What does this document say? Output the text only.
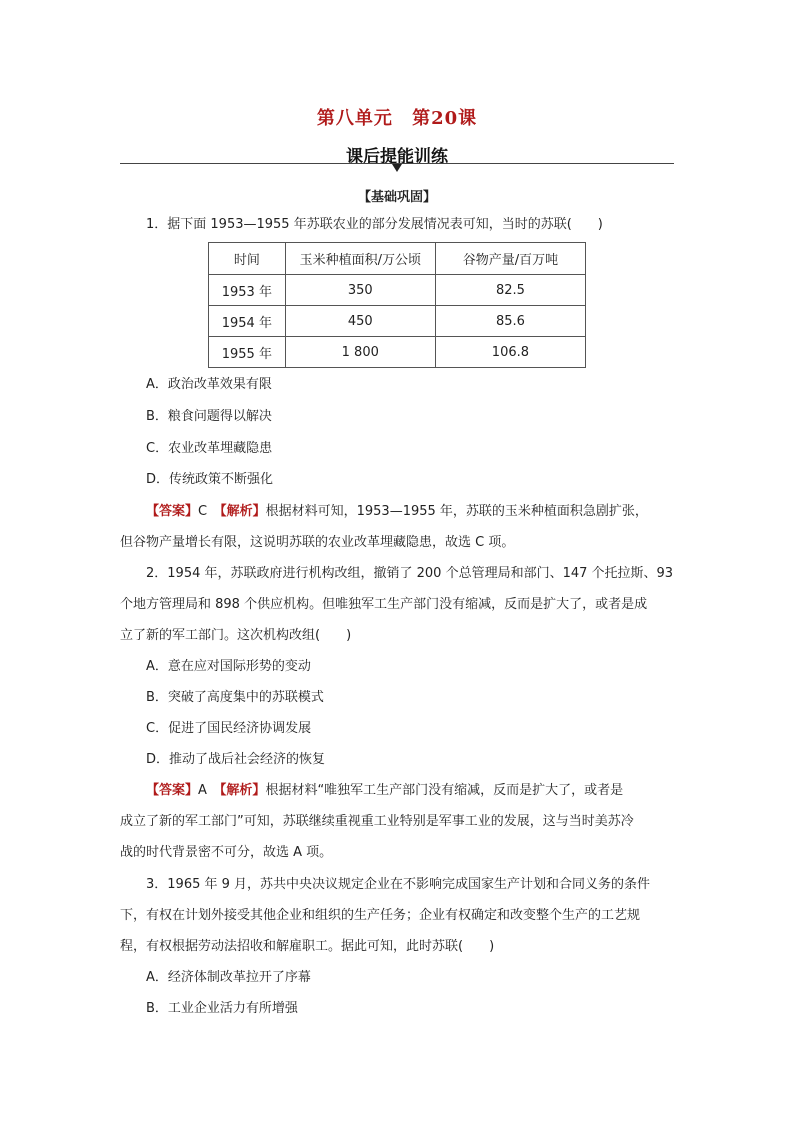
第八单元 第20课
课后提能训练
【基础巩固】
1．据下面 1953—1955 年苏联农业的部分发展情况表可知，当时的苏联(　　)
时间	玉米种植面积/万公顷	谷物产量/百万吨
1953 年	350	82.5
1954 年	450	85.6
1955 年	1 800	106.8
A．政治改革效果有限
B．粮食问题得以解决
C．农业改革埋藏隐患
D．传统政策不断强化
【答案】C　【解析】根据材料可知，1953—1955 年，苏联的玉米种植面积急剧扩张，
但谷物产量增长有限，这说明苏联的农业改革埋藏隐患，故选 C 项。
2．1954 年，苏联政府进行机构改组，撤销了 200 个总管理局和部门、147 个托拉斯、93
个地方管理局和 898 个供应机构。但唯独军工生产部门没有缩减，反而是扩大了，或者是成
立了新的军工部门。这次机构改组(　　)
A．意在应对国际形势的变动
B．突破了高度集中的苏联模式
C．促进了国民经济协调发展
D．推动了战后社会经济的恢复
【答案】A　【解析】根据材料“唯独军工生产部门没有缩减，反而是扩大了，或者是
成立了新的军工部门”可知，苏联继续重视重工业特别是军事工业的发展，这与当时美苏冷
战的时代背景密不可分，故选 A 项。
3．1965 年 9 月，苏共中央决议规定企业在不影响完成国家生产计划和合同义务的条件
下，有权在计划外接受其他企业和组织的生产任务；企业有权确定和改变整个生产的工艺规
程，有权根据劳动法招收和解雇职工。据此可知，此时苏联(　　)
A．经济体制改革拉开了序幕
B．工业企业活力有所增强
